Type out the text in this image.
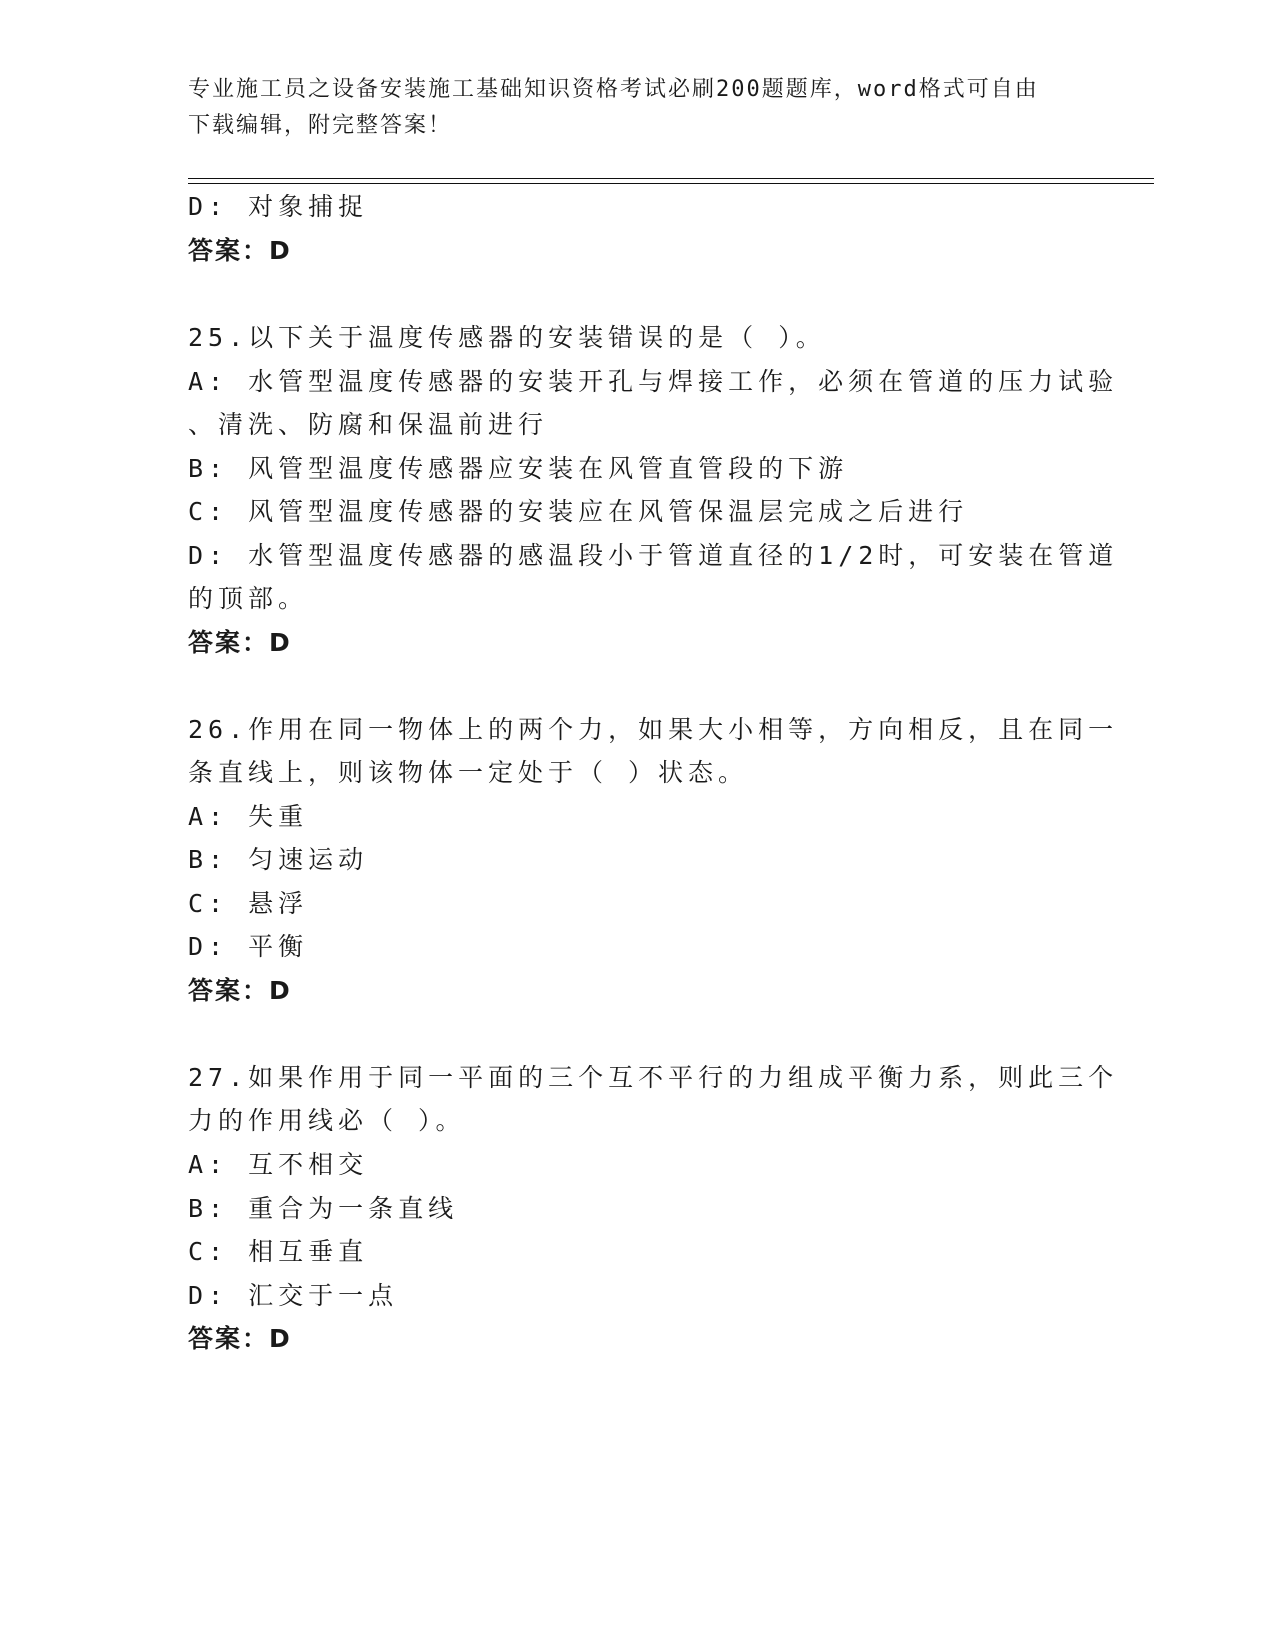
专业施工员之设备安装施工基础知识资格考试必刷200题题库，word格式可自由
下载编辑，附完整答案！
D: 对象捕捉
答案：D
25.以下关于温度传感器的安装错误的是（ ）。
A: 水管型温度传感器的安装开孔与焊接工作，必须在管道的压力试验
、清洗、防腐和保温前进行
B: 风管型温度传感器应安装在风管直管段的下游
C: 风管型温度传感器的安装应在风管保温层完成之后进行
D: 水管型温度传感器的感温段小于管道直径的1/2时，可安装在管道
的顶部。
答案：D
26.作用在同一物体上的两个力，如果大小相等，方向相反，且在同一
条直线上，则该物体一定处于（ ）状态。
A: 失重
B: 匀速运动
C: 悬浮
D: 平衡
答案：D
27.如果作用于同一平面的三个互不平行的力组成平衡力系，则此三个
力的作用线必（ ）。
A: 互不相交
B: 重合为一条直线
C: 相互垂直
D: 汇交于一点
答案：D
